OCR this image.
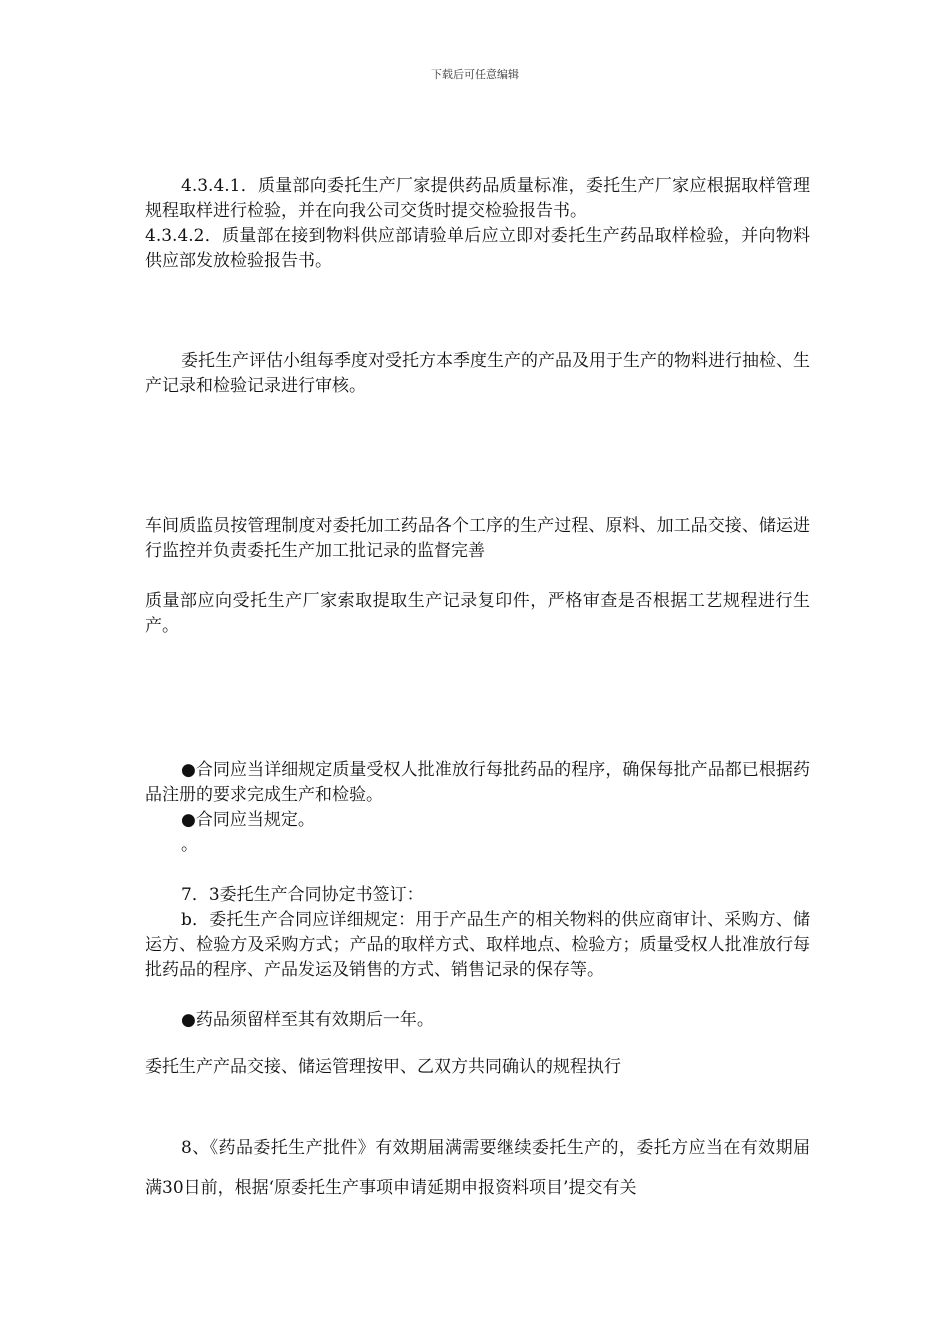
下载后可任意编辑

4.3.4.1．质量部向委托生产厂家提供药品质量标准，委托生产厂家应根据取样管理规程取样进行检验，并在向我公司交货时提交检验报告书。

4.3.4.2．质量部在接到物料供应部请验单后应立即对委托生产药品取样检验，并向物料供应部发放检验报告书。

委托生产评估小组每季度对受托方本季度生产的产品及用于生产的物料进行抽检、生产记录和检验记录进行审核。

车间质监员按管理制度对委托加工药品各个工序的生产过程、原料、加工品交接、储运进行监控并负责委托生产加工批记录的监督完善

质量部应向受托生产厂家索取提取生产记录复印件，严格审查是否根据工艺规程进行生产。

●合同应当详细规定质量受权人批准放行每批药品的程序，确保每批产品都已根据药品注册的要求完成生产和检验。

●合同应当规定。

。

7．3委托生产合同协定书签订：

b．委托生产合同应详细规定：用于产品生产的相关物料的供应商审计、采购方、储运方、检验方及采购方式；产品的取样方式、取样地点、检验方；质量受权人批准放行每批药品的程序、产品发运及销售的方式、销售记录的保存等。

●药品须留样至其有效期后一年。

委托生产产品交接、储运管理按甲、乙双方共同确认的规程执行

8、《药品委托生产批件》有效期届满需要继续委托生产的，委托方应当在有效期届满30日前，根据‘原委托生产事项申请延期申报资料项目’提交有关
